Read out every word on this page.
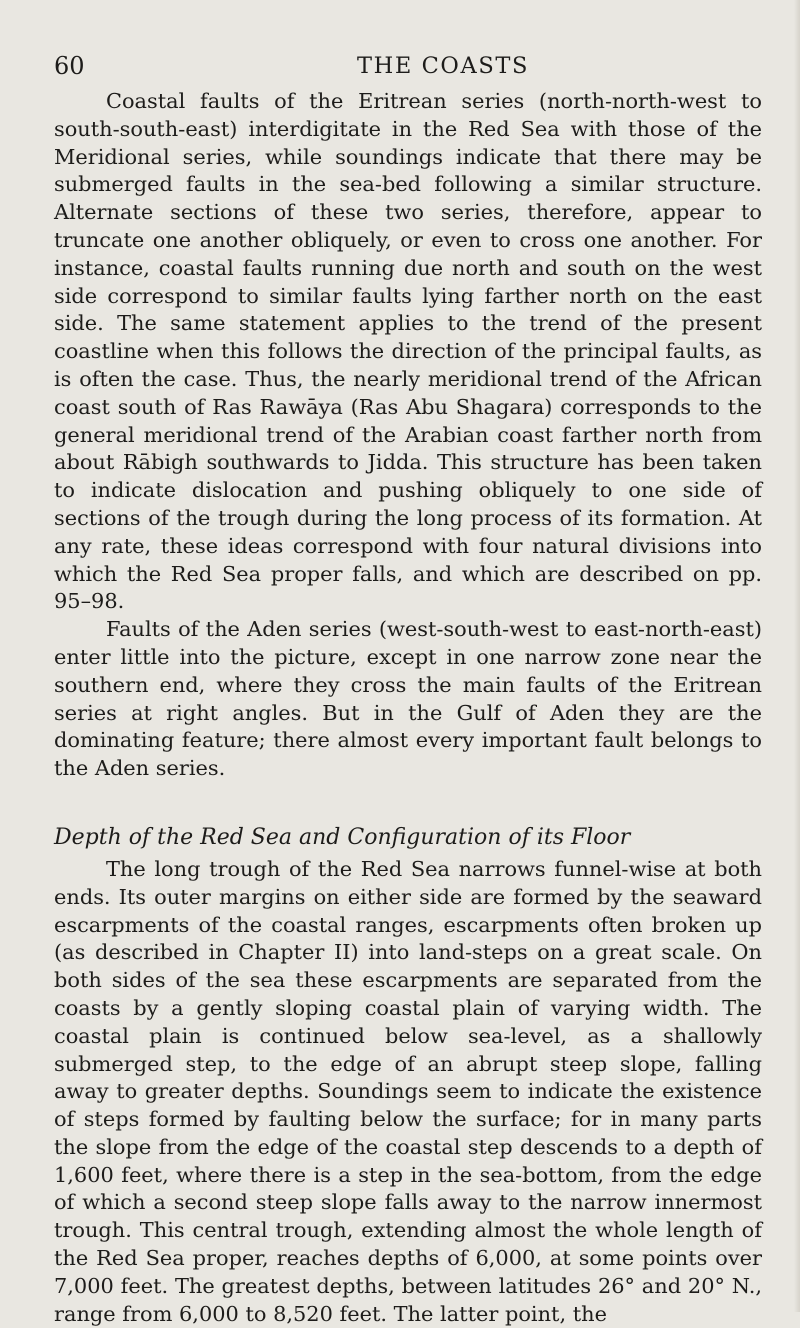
60	THE COASTS

Coastal faults of the Eritrean series (north-north-west to south-south-east) interdigitate in the Red Sea with those of the Meridional series, while soundings indicate that there may be submerged faults in the sea-bed following a similar structure. Alternate sections of these two series, therefore, appear to truncate one another obliquely, or even to cross one another. For instance, coastal faults running due north and south on the west side correspond to similar faults lying farther north on the east side. The same statement applies to the trend of the present coastline when this follows the direction of the principal faults, as is often the case. Thus, the nearly meridional trend of the African coast south of Ras Rawāya (Ras Abu Shagara) corresponds to the general meridional trend of the Arabian coast farther north from about Rābigh southwards to Jidda. This structure has been taken to indicate dislocation and pushing obliquely to one side of sections of the trough during the long process of its formation. At any rate, these ideas correspond with four natural divisions into which the Red Sea proper falls, and which are described on pp. 95–98.

Faults of the Aden series (west-south-west to east-north-east) enter little into the picture, except in one narrow zone near the southern end, where they cross the main faults of the Eritrean series at right angles. But in the Gulf of Aden they are the dominating feature; there almost every important fault belongs to the Aden series.

Depth of the Red Sea and Configuration of its Floor

The long trough of the Red Sea narrows funnel-wise at both ends. Its outer margins on either side are formed by the seaward escarpments of the coastal ranges, escarpments often broken up (as described in Chapter II) into land-steps on a great scale. On both sides of the sea these escarpments are separated from the coasts by a gently sloping coastal plain of varying width. The coastal plain is continued below sea-level, as a shallowly submerged step, to the edge of an abrupt steep slope, falling away to greater depths. Soundings seem to indicate the existence of steps formed by faulting below the surface; for in many parts the slope from the edge of the coastal step descends to a depth of 1,600 feet, where there is a step in the sea-bottom, from the edge of which a second steep slope falls away to the narrow innermost trough. This central trough, extending almost the whole length of the Red Sea proper, reaches depths of 6,000, at some points over 7,000 feet. The greatest depths, between latitudes 26° and 20° N., range from 6,000 to 8,520 feet. The latter point, the
